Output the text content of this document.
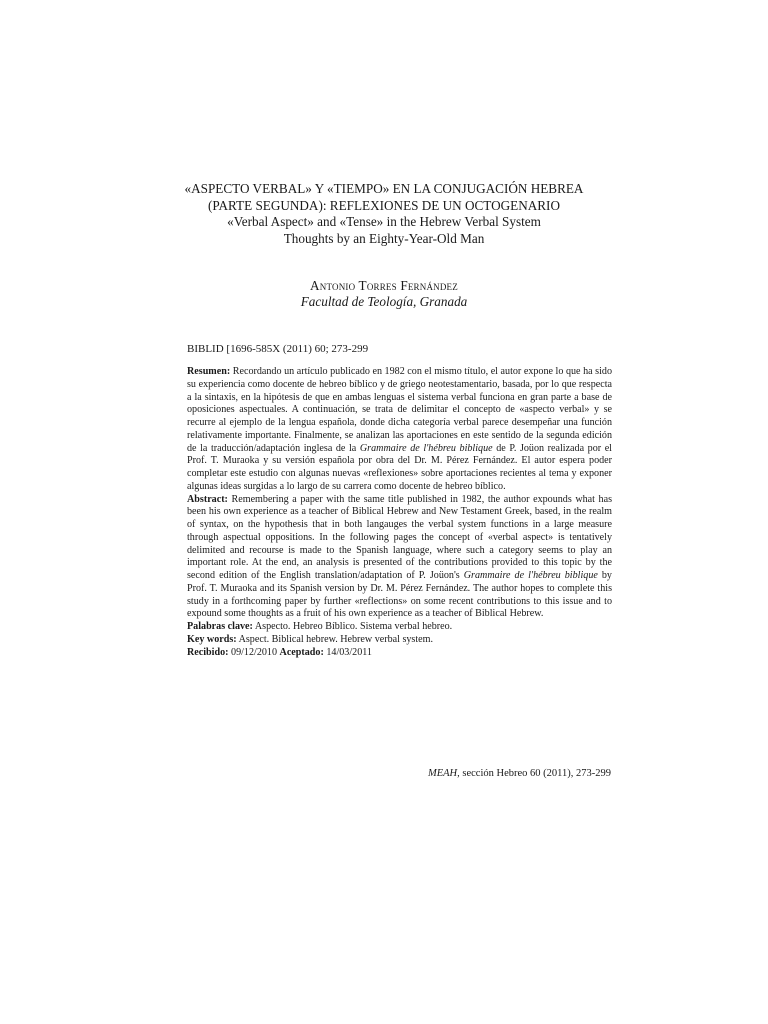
«ASPECTO VERBAL» Y «TIEMPO» EN LA CONJUGACIÓN HEBREA
(PARTE SEGUNDA): REFLEXIONES DE UN OCTOGENARIO
«Verbal Aspect» and «Tense» in the Hebrew Verbal System
Thoughts by an Eighty-Year-Old Man
Antonio Torres Fernández
Facultad de Teología, Granada
BIBLID [1696-585X (2011) 60; 273-299

Resumen: Recordando un artículo publicado en 1982 con el mismo título, el autor expone lo que ha sido su experiencia como docente de hebreo bíblico y de griego neotestamentario, basada, por lo que respecta a la sintaxis, en la hipótesis de que en ambas lenguas el sistema verbal funciona en gran parte a base de oposiciones aspectuales. A continuación, se trata de delimitar el concepto de «aspecto verbal» y se recurre al ejemplo de la lengua española, donde dicha categoría verbal parece desempeñar una función relativamente importante. Finalmente, se analizan las aportaciones en este sentido de la segunda edición de la traducción/adaptación inglesa de la Grammaire de l'hébreu biblique de P. Joüon realizada por el Prof. T. Muraoka y su versión española por obra del Dr. M. Pérez Fernández. El autor espera poder completar este estudio con algunas nuevas «reflexiones» sobre aportaciones recientes al tema y exponer algunas ideas surgidas a lo largo de su carrera como docente de hebreo bíblico.

Abstract: Remembering a paper with the same title published in 1982, the author expounds what has been his own experience as a teacher of Biblical Hebrew and New Testament Greek, based, in the realm of syntax, on the hypothesis that in both langauges the verbal system functions in a large measure through aspectual oppositions. In the following pages the concept of «verbal aspect» is tentatively delimited and recourse is made to the Spanish language, where such a category seems to play an important role. At the end, an analysis is presented of the contributions provided to this topic by the second edition of the English translation/adaptation of P. Joüon's Grammaire de l'hébreu biblique by Prof. T. Muraoka and its Spanish version by Dr. M. Pérez Fernández. The author hopes to complete this study in a forthcoming paper by further «reflections» on some recent contributions to this issue and to expound some thoughts as a fruit of his own experience as a teacher of Biblical Hebrew.

Palabras clave: Aspecto. Hebreo Bíblico. Sistema verbal hebreo.

Key words: Aspect. Biblical hebrew. Hebrew verbal system.

Recibido: 09/12/2010 Aceptado: 14/03/2011

MEAH, sección Hebreo 60 (2011), 273-299
